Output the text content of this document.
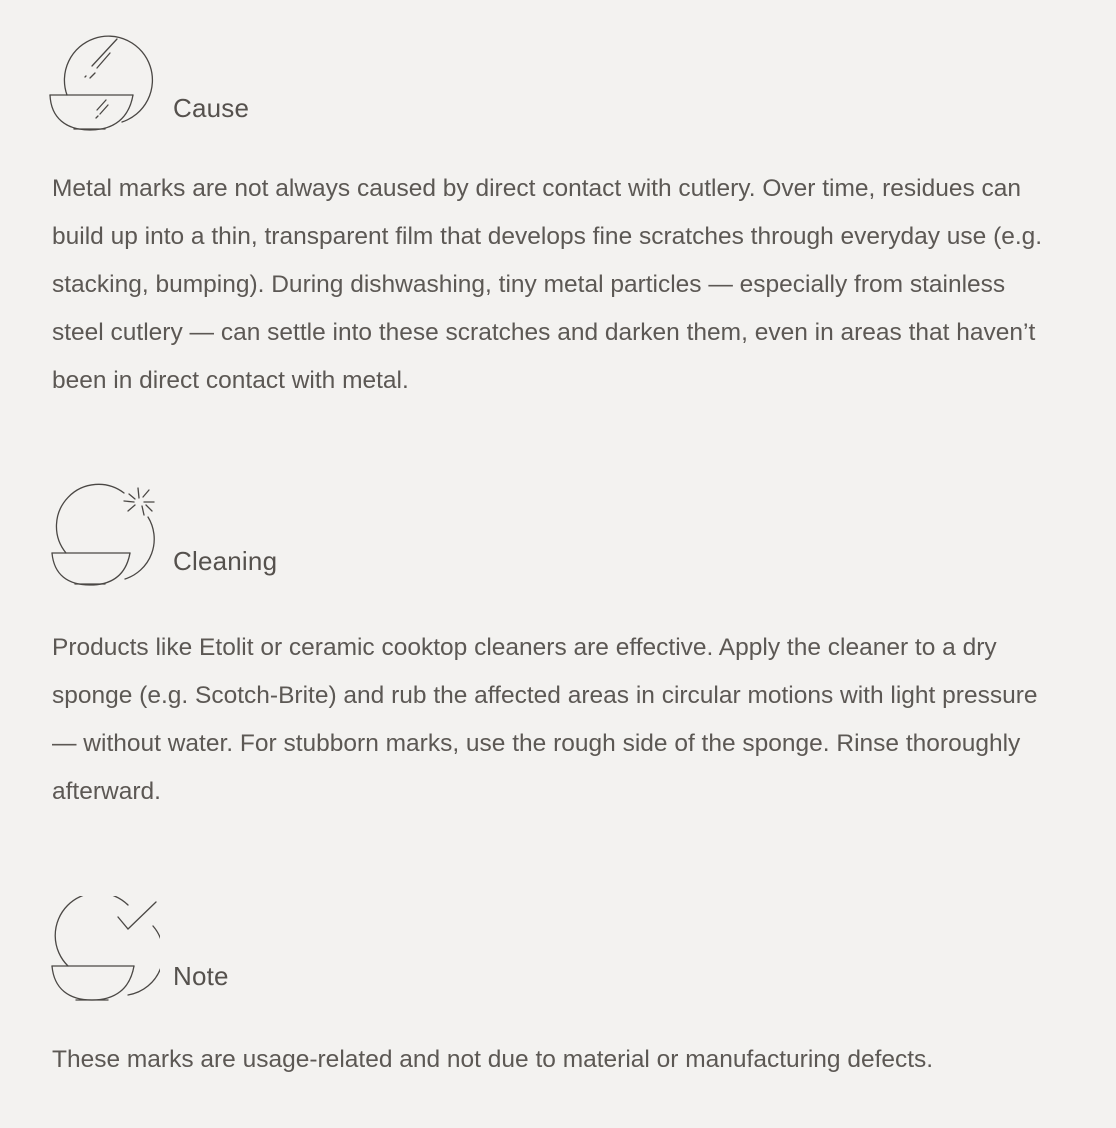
Cause

Metal marks are not always caused by direct contact with cutlery. Over time, residues can build up into a thin, transparent film that develops fine scratches through everyday use (e.g. stacking, bumping). During dishwashing, tiny metal particles — especially from stainless steel cutlery — can settle into these scratches and darken them, even in areas that haven’t been in direct contact with metal.

Cleaning

Products like Etolit or ceramic cooktop cleaners are effective. Apply the cleaner to a dry sponge (e.g. Scotch-Brite) and rub the affected areas in circular motions with light pressure — without water. For stubborn marks, use the rough side of the sponge. Rinse thoroughly afterward.

Note

These marks are usage-related and not due to material or manufacturing defects.
